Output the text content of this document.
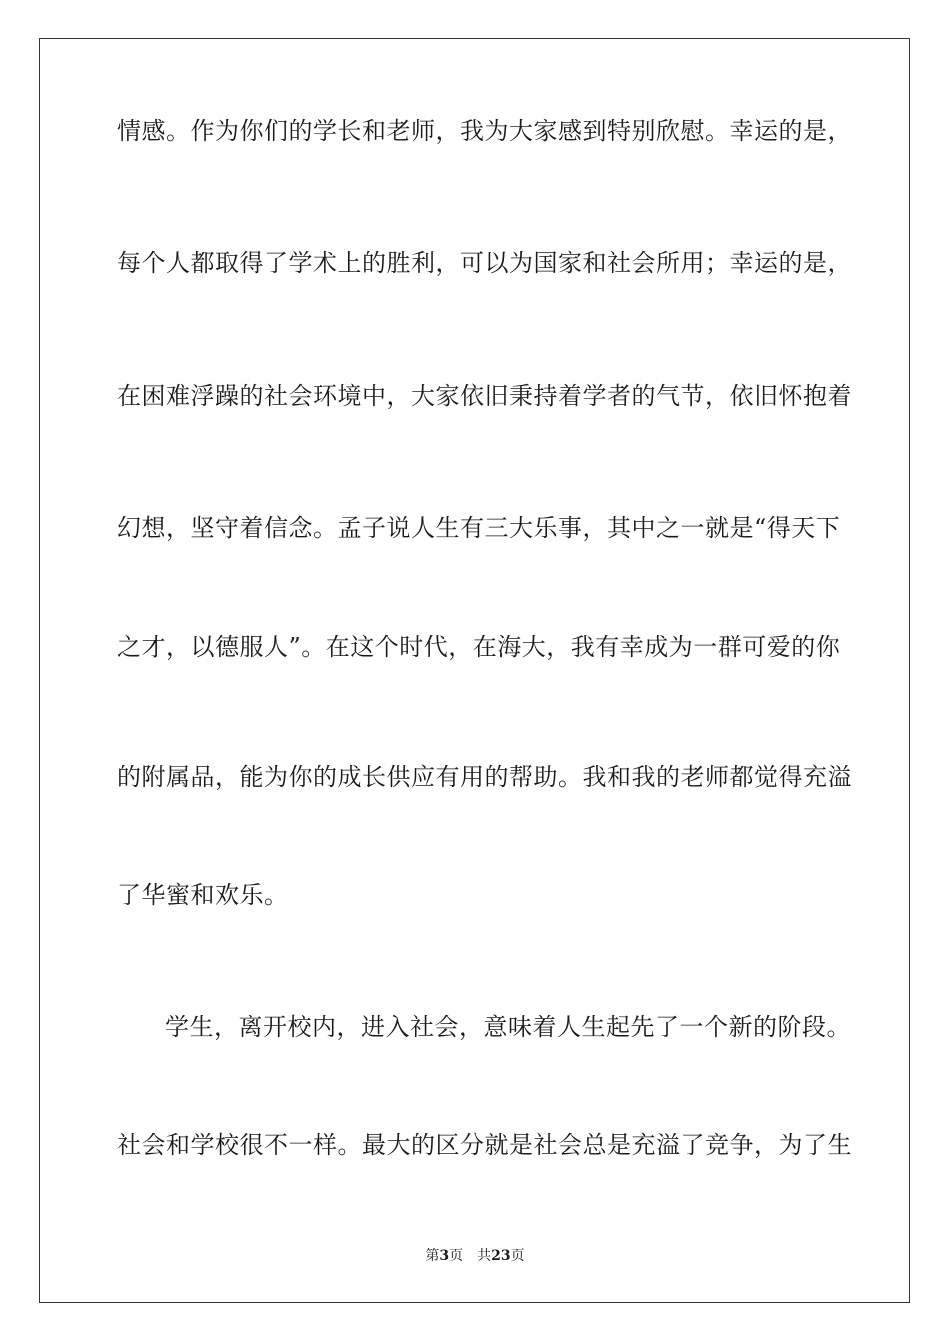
情感。作为你们的学长和老师，我为大家感到特别欣慰。幸运的是，
每个人都取得了学术上的胜利，可以为国家和社会所用；幸运的是，
在困难浮躁的社会环境中，大家依旧秉持着学者的气节，依旧怀抱着
幻想，坚守着信念。孟子说人生有三大乐事，其中之一就是“得天下
之才，以德服人”。在这个时代，在海大，我有幸成为一群可爱的你
的附属品，能为你的成长供应有用的帮助。我和我的老师都觉得充溢
了华蜜和欢乐。
学生，离开校内，进入社会，意味着人生起先了一个新的阶段。
社会和学校很不一样。最大的区分就是社会总是充溢了竞争，为了生
第3页 共23页
